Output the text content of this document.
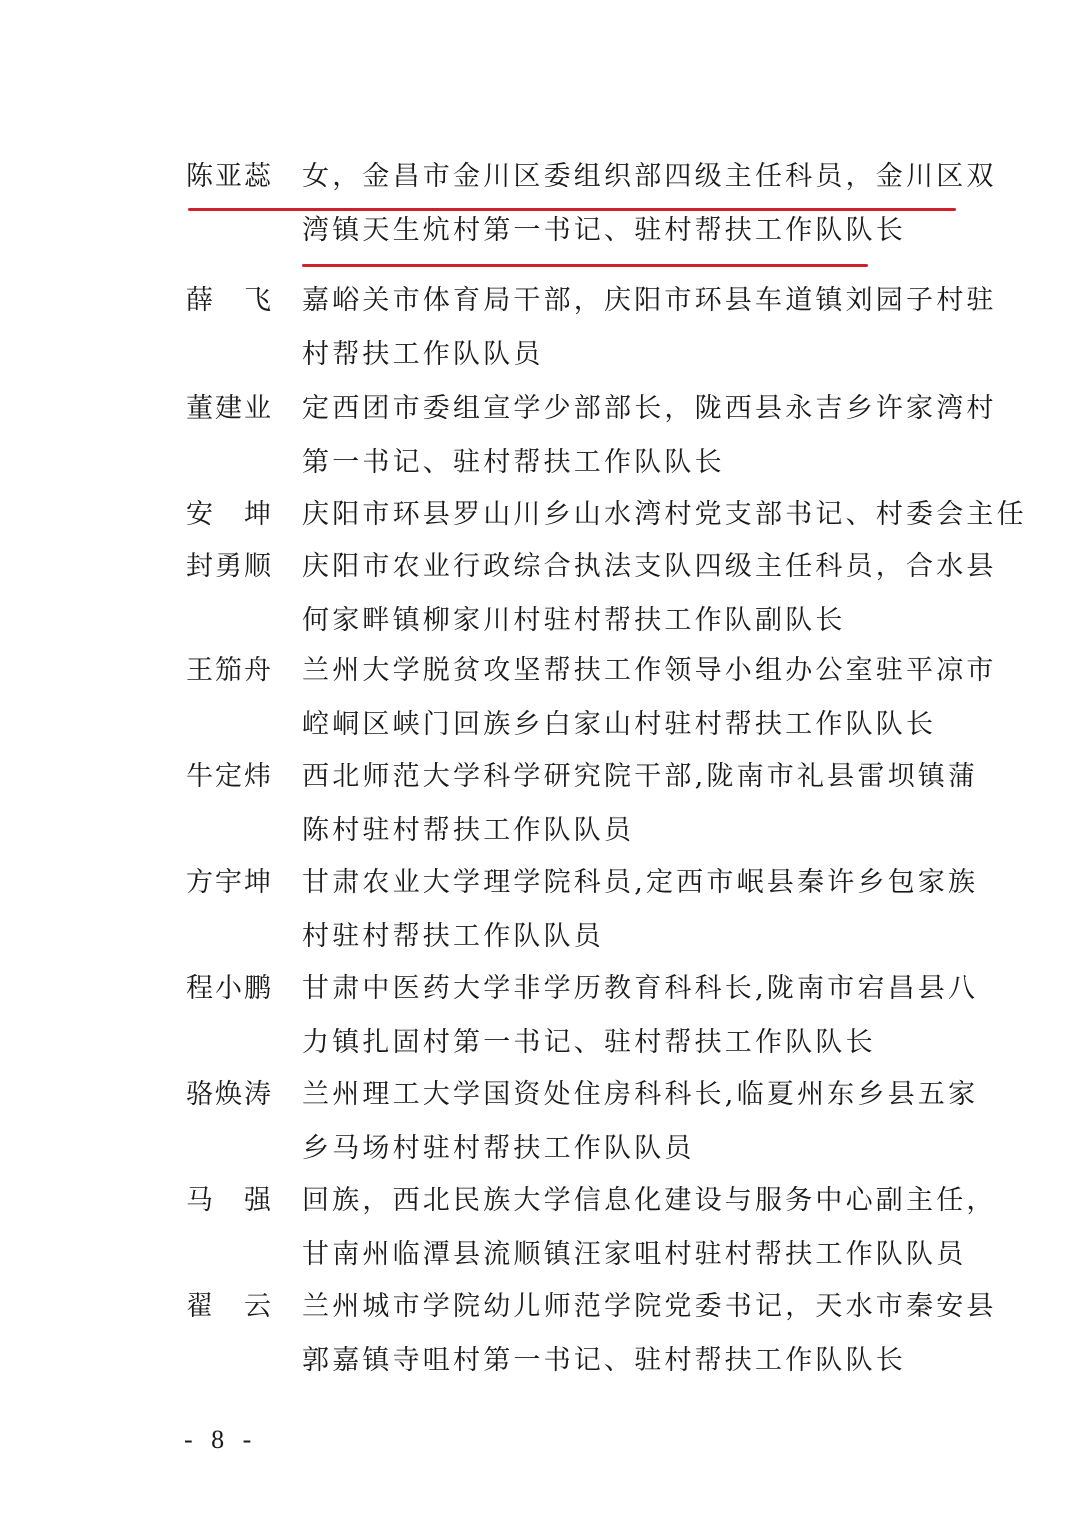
陈亚蕊	女，金昌市金川区委组织部四级主任科员，金川区双
湾镇天生炕村第一书记、驻村帮扶工作队队长
薛　飞	嘉峪关市体育局干部，庆阳市环县车道镇刘园子村驻
村帮扶工作队队员
董建业	定西团市委组宣学少部部长，陇西县永吉乡许家湾村
第一书记、驻村帮扶工作队队长
安　坤	庆阳市环县罗山川乡山水湾村党支部书记、村委会主任
封勇顺	庆阳市农业行政综合执法支队四级主任科员，合水县
何家畔镇柳家川村驻村帮扶工作队副队长
王笳舟	兰州大学脱贫攻坚帮扶工作领导小组办公室驻平凉市
崆峒区峡门回族乡白家山村驻村帮扶工作队队长
牛定炜	西北师范大学科学研究院干部,陇南市礼县雷坝镇蒲
陈村驻村帮扶工作队队员
方宇坤	甘肃农业大学理学院科员,定西市岷县秦许乡包家族
村驻村帮扶工作队队员
程小鹏	甘肃中医药大学非学历教育科科长,陇南市宕昌县八
力镇扎固村第一书记、驻村帮扶工作队队长
骆焕涛	兰州理工大学国资处住房科科长,临夏州东乡县五家
乡马场村驻村帮扶工作队队员
马　强	回族，西北民族大学信息化建设与服务中心副主任，
甘南州临潭县流顺镇汪家咀村驻村帮扶工作队队员
翟　云	兰州城市学院幼儿师范学院党委书记，天水市秦安县
郭嘉镇寺咀村第一书记、驻村帮扶工作队队长
- 8 -
